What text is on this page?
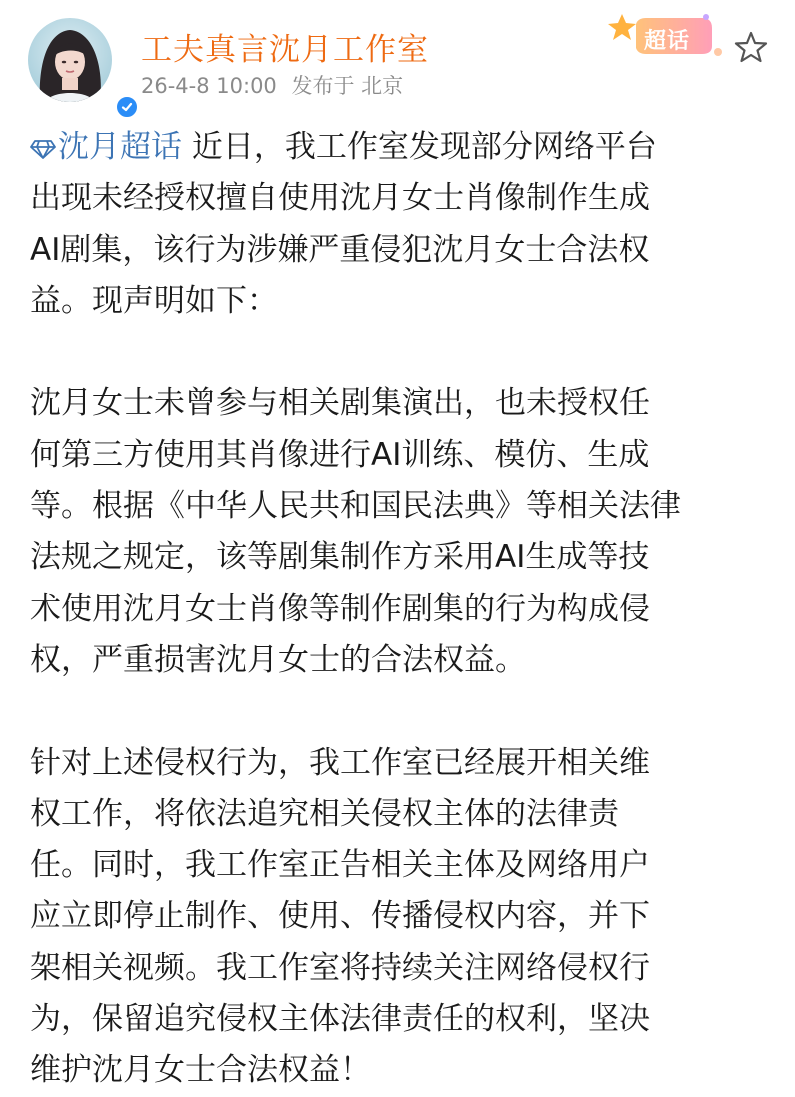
工夫真言沈月工作室
26-4-8 10:00 发布于 北京
超话
沈月超话 近日，我工作室发现部分网络平台
出现未经授权擅自使用沈月女士肖像制作生成
AI剧集，该行为涉嫌严重侵犯沈月女士合法权
益。现声明如下：
沈月女士未曾参与相关剧集演出，也未授权任
何第三方使用其肖像进行AI训练、模仿、生成
等。根据《中华人民共和国民法典》等相关法律
法规之规定，该等剧集制作方采用AI生成等技
术使用沈月女士肖像等制作剧集的行为构成侵
权，严重损害沈月女士的合法权益。
针对上述侵权行为，我工作室已经展开相关维
权工作，将依法追究相关侵权主体的法律责
任。同时，我工作室正告相关主体及网络用户
应立即停止制作、使用、传播侵权内容，并下
架相关视频。我工作室将持续关注网络侵权行
为，保留追究侵权主体法律责任的权利，坚决
维护沈月女士合法权益！
